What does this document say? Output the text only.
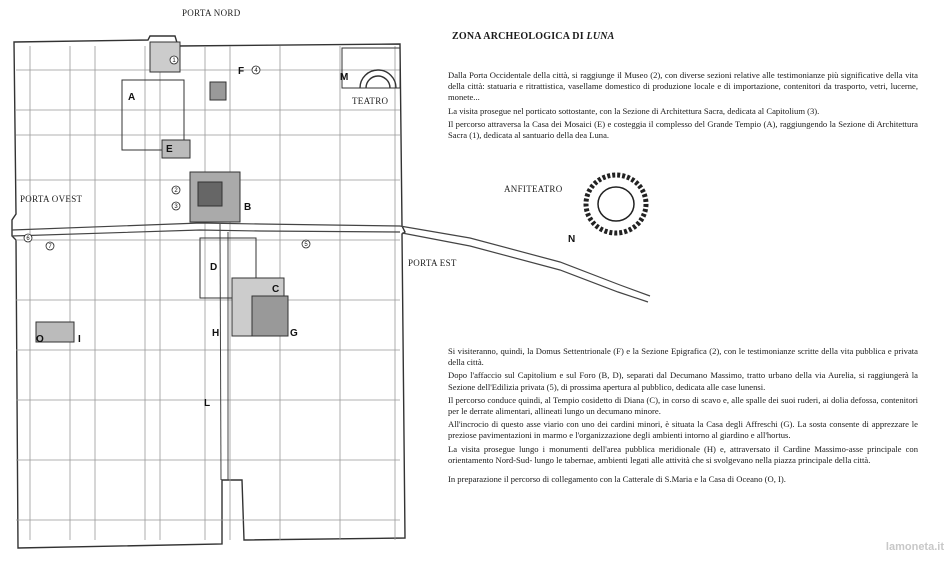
PORTA NORD
PORTA OVEST
PORTA EST
TEATRO
A
B
C
D
E
F
G
H
L
M
O	I
1
2
3
4
5
6
7
ANFITEATRO
N
ZONA ARCHEOLOGICA DI LUNA

Dalla Porta Occidentale della città, si raggiunge il Museo (2), con diverse sezioni relative alle testimonianze più significative della vita della città: statuaria e ritrattistica, vasellame domestico di produzione locale e di importazione, contenitori da trasporto, vetri, lucerne, monete...

La visita prosegue nel porticato sottostante, con la Sezione di Architettura Sacra, dedicata al Capitolium (3).

Il percorso attraversa la Casa dei Mosaici (E) e costeggia il complesso del Grande Tempio (A), raggiungendo la Sezione di Architettura Sacra (1), dedicata al santuario della dea Luna.

Si visiteranno, quindi, la Domus Settentrionale (F) e la Sezione Epigrafica (2), con le testimonianze scritte della vita pubblica e privata della città.

Dopo l'affaccio sul Capitolium e sul Foro (B, D), separati dal Decumano Massimo, tratto urbano della via Aurelia, si raggiungerà la Sezione dell'Edilizia privata (5), di prossima apertura al pubblico, dedicata alle case lunensi.

Il percorso conduce quindi, al Tempio cosidetto di Diana (C), in corso di scavo e, alle spalle dei suoi ruderi, ai dolia defossa, contenitori per le derrate alimentari, allineati lungo un decumano minore.

All'incrocio di questo asse viario con uno dei cardini minori, è situata la Casa degli Affreschi (G). La sosta consente di apprezzare le preziose pavimentazioni in marmo e l'organizzazione degli ambienti intorno al giardino e all'hortus.

La visita prosegue lungo i monumenti dell'area pubblica meridionale (H) e, attraversato il Cardine Massimo-asse principale con orientamento Nord-Sud- lungo le tabernae, ambienti legati alle attività che si svolgevano nella piazza principale della città.

In preparazione il percorso di collegamento con la Catterale di S.Maria e la Casa di Oceano (O, I).

lamoneta.it
